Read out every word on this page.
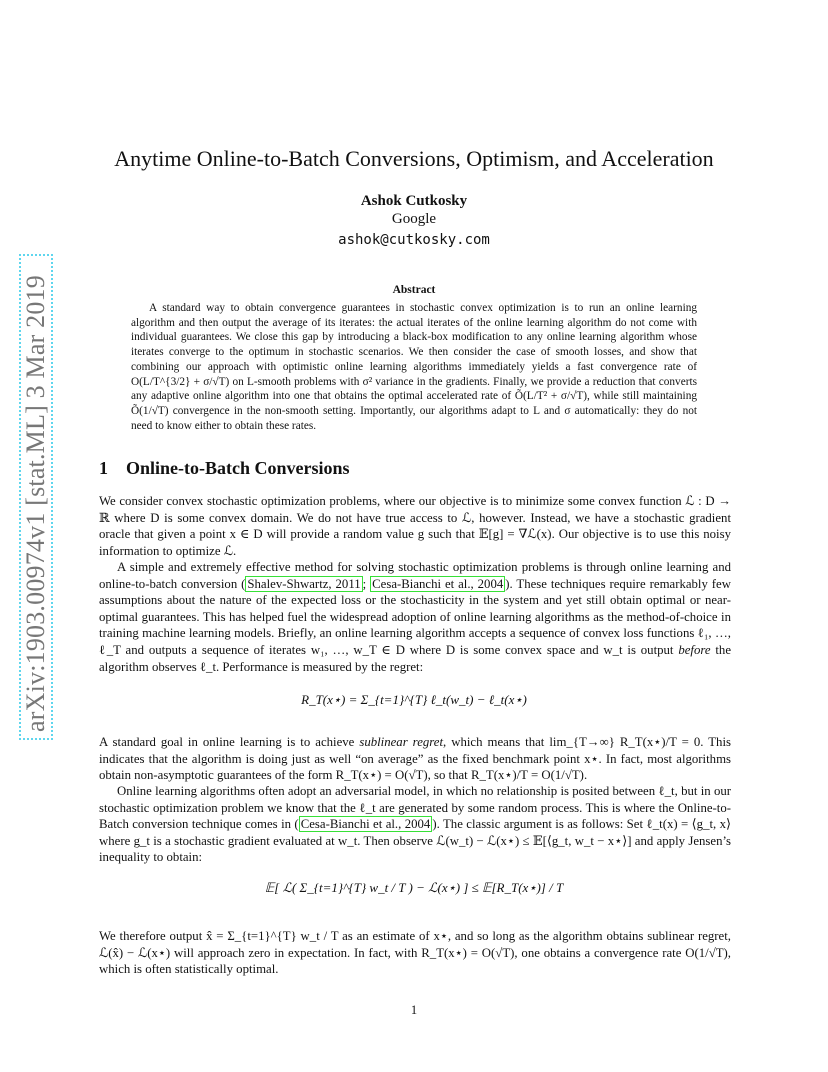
arXiv:1903.00974v1 [stat.ML] 3 Mar 2019
Anytime Online-to-Batch Conversions, Optimism, and Acceleration
Ashok Cutkosky
Google
ashok@cutkosky.com
Abstract
A standard way to obtain convergence guarantees in stochastic convex optimization is to run an online learning algorithm and then output the average of its iterates: the actual iterates of the online learning algorithm do not come with individual guarantees. We close this gap by introducing a black-box modification to any online learning algorithm whose iterates converge to the optimum in stochastic scenarios. We then consider the case of smooth losses, and show that combining our approach with optimistic online learning algorithms immediately yields a fast convergence rate of O(L/T^{3/2} + σ/√T) on L-smooth problems with σ² variance in the gradients. Finally, we provide a reduction that converts any adaptive online algorithm into one that obtains the optimal accelerated rate of Õ(L/T² + σ/√T), while still maintaining Õ(1/√T) convergence in the non-smooth setting. Importantly, our algorithms adapt to L and σ automatically: they do not need to know either to obtain these rates.
1 Online-to-Batch Conversions

We consider convex stochastic optimization problems, where our objective is to minimize some convex function ℒ : D → ℝ where D is some convex domain. We do not have true access to ℒ, however. Instead, we have a stochastic gradient oracle that given a point x ∈ D will provide a random value g such that 𝔼[g] = ∇ℒ(x). Our objective is to use this noisy information to optimize ℒ.

A simple and extremely effective method for solving stochastic optimization problems is through online learning and online-to-batch conversion ( Shalev-Shwartz, 2011 ; Cesa-Bianchi et al., 2004 ). These techniques require remarkably few assumptions about the nature of the expected loss or the stochasticity in the system and yet still obtain optimal or near-optimal guarantees. This has helped fuel the widespread adoption of online learning algorithms as the method-of-choice in training machine learning models. Briefly, an online learning algorithm accepts a sequence of convex loss functions ℓ₁, …, ℓ_T and outputs a sequence of iterates w₁, …, w_T ∈ D where D is some convex space and w_t is output before the algorithm observes ℓ_t. Performance is measured by the regret:

R_T(x⋆) = Σ_{t=1}^{T} ℓ_t(w_t) − ℓ_t(x⋆)

A standard goal in online learning is to achieve sublinear regret, which means that lim_{T→∞} R_T(x⋆)/T = 0. This indicates that the algorithm is doing just as well “on average” as the fixed benchmark point x⋆. In fact, most algorithms obtain non-asymptotic guarantees of the form R_T(x⋆) = O(√T), so that R_T(x⋆)/T = O(1/√T).

Online learning algorithms often adopt an adversarial model, in which no relationship is posited between ℓ_t, but in our stochastic optimization problem we know that the ℓ_t are generated by some random process. This is where the Online-to-Batch conversion technique comes in ( Cesa-Bianchi et al., 2004 ). The classic argument is as follows: Set ℓ_t(x) = ⟨g_t, x⟩ where g_t is a stochastic gradient evaluated at w_t. Then observe ℒ(w_t) − ℒ(x⋆) ≤ 𝔼[⟨g_t, w_t − x⋆⟩] and apply Jensen’s inequality to obtain:

𝔼[ ℒ( Σ_{t=1}^{T} w_t / T ) − ℒ(x⋆) ] ≤ 𝔼[R_T(x⋆)] / T

We therefore output x̂ = Σ_{t=1}^{T} w_t / T as an estimate of x⋆, and so long as the algorithm obtains sublinear regret, ℒ(x̂) − ℒ(x⋆) will approach zero in expectation. In fact, with R_T(x⋆) = O(√T), one obtains a convergence rate O(1/√T), which is often statistically optimal.

1
